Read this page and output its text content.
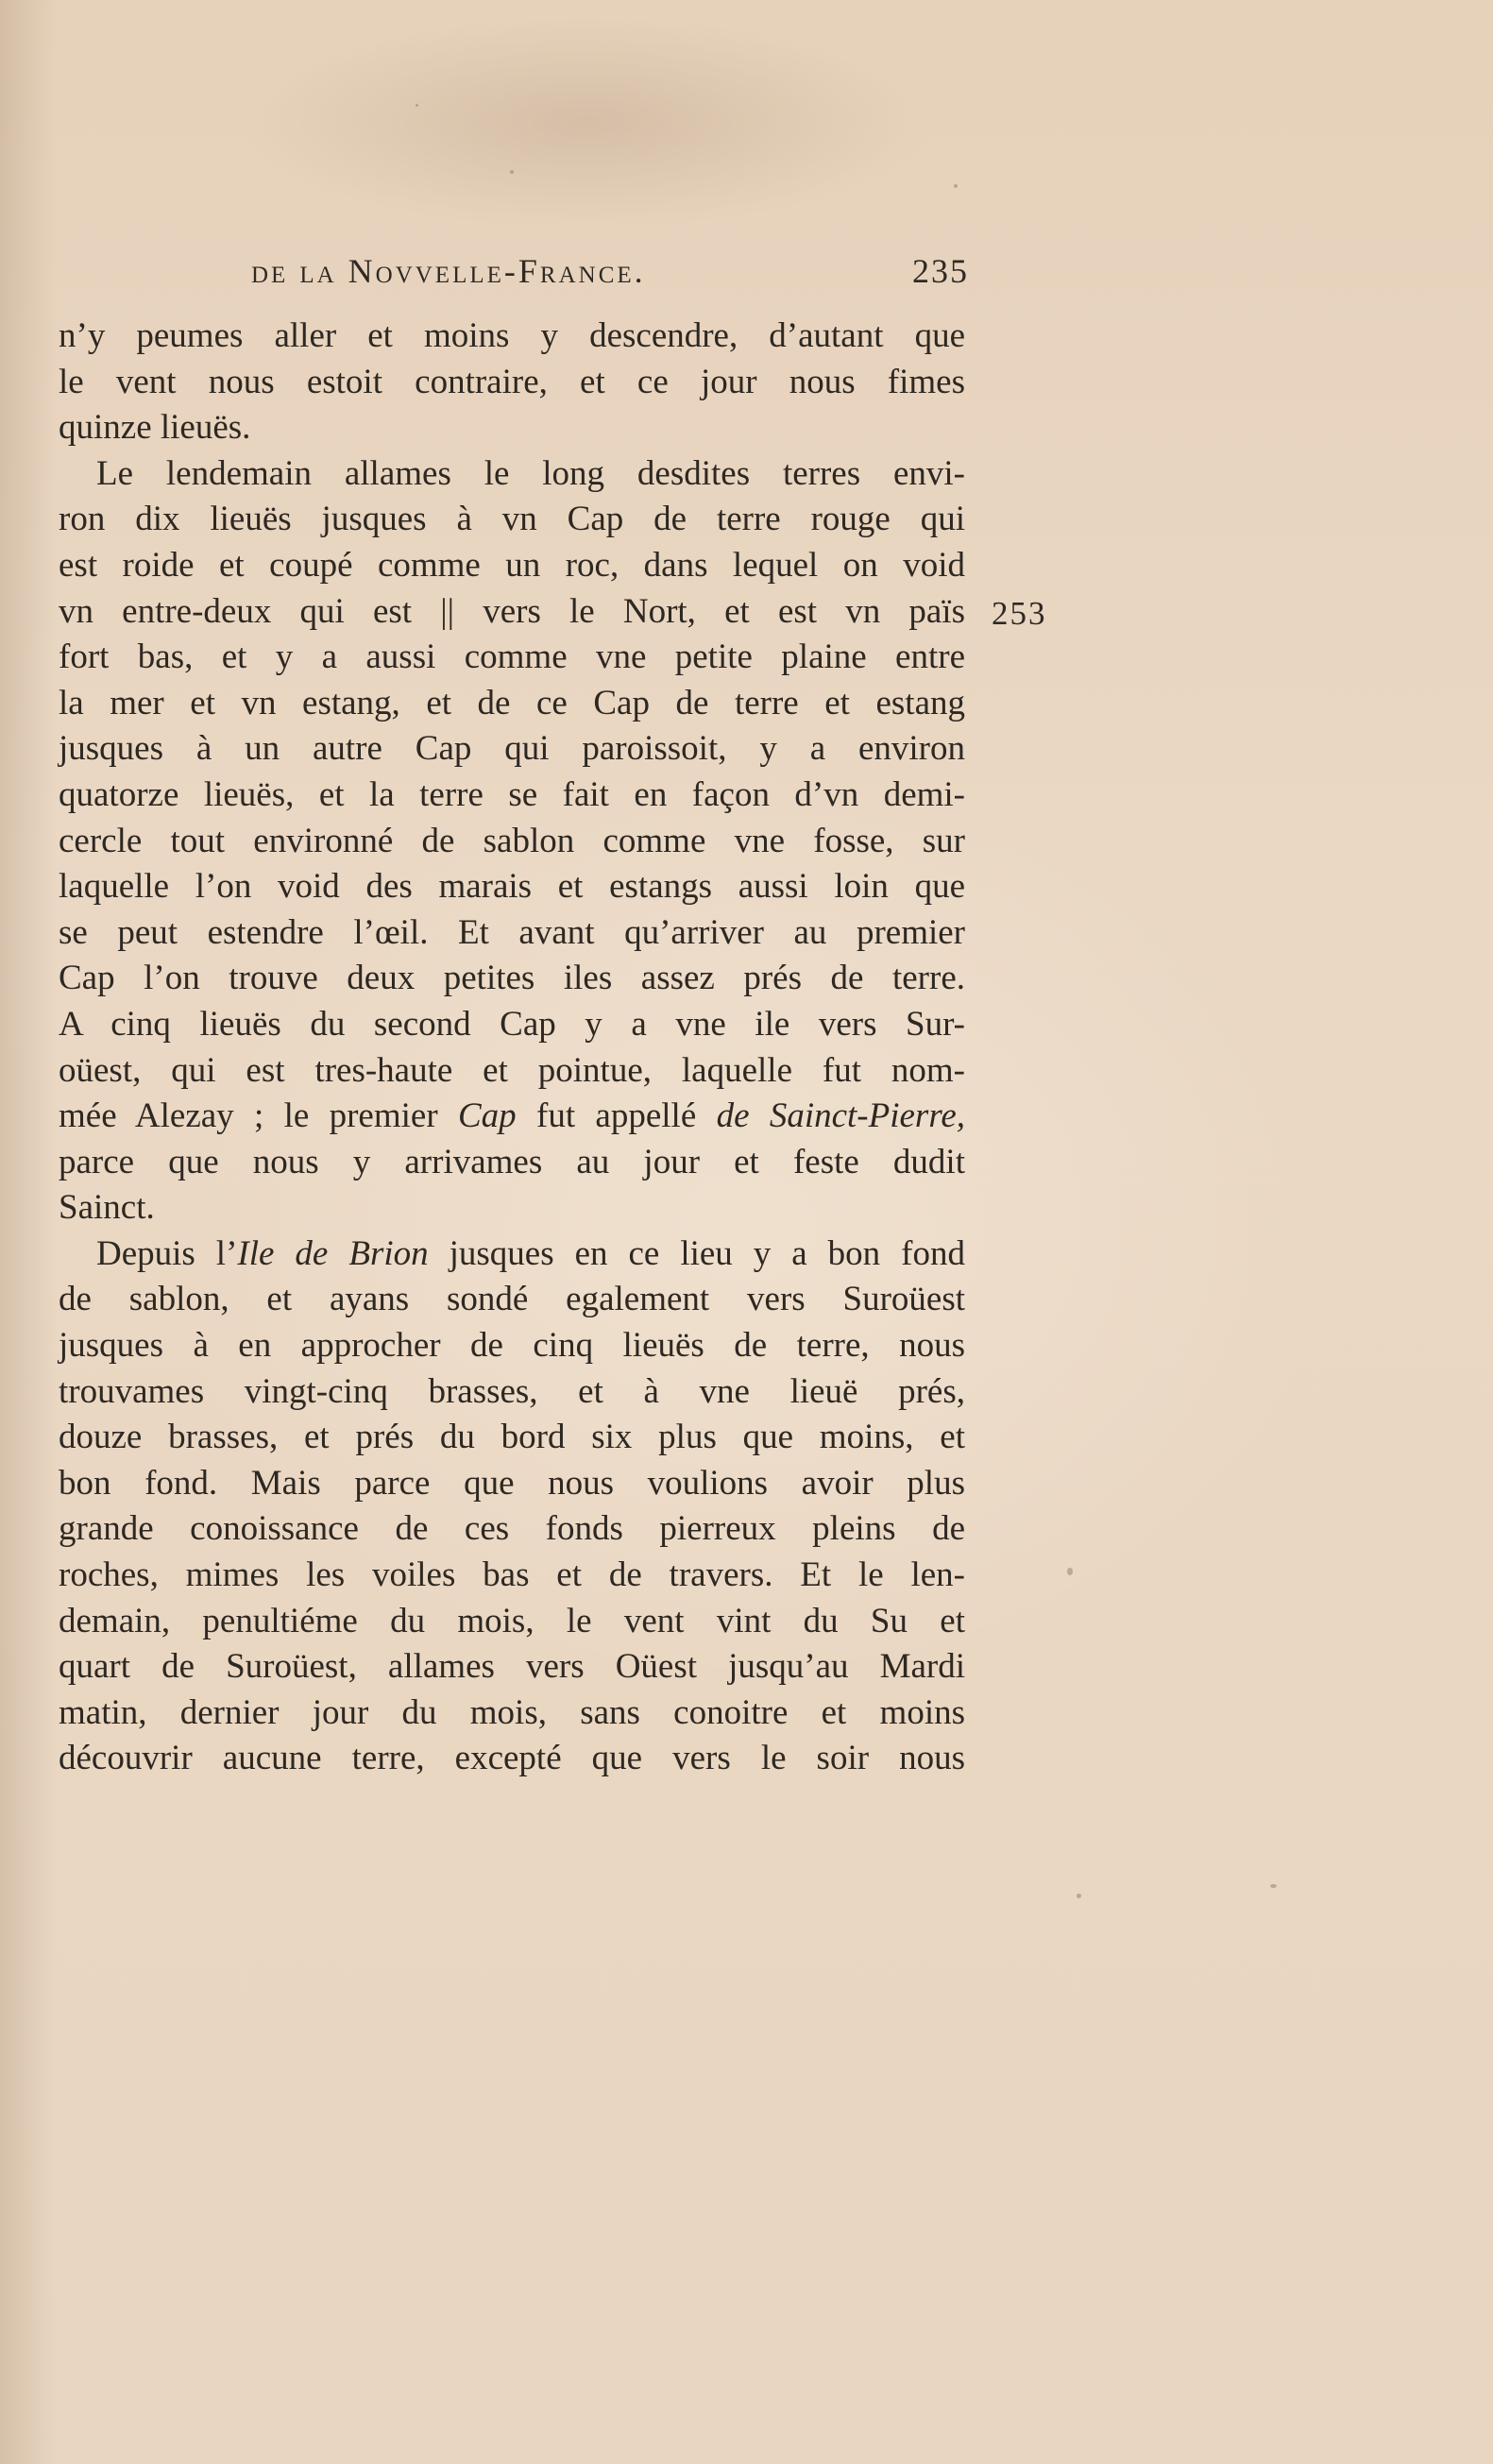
de la Novvelle-France.	235
253
n’y peumes aller et moins y descendre, d’autant que
le vent nous estoit contraire, et ce jour nous fimes
quinze lieuës.
Le lendemain allames le long desdites terres envi-
ron dix lieuës jusques à vn Cap de terre rouge qui
est roide et coupé comme un roc, dans lequel on void
vn entre-deux qui est || vers le Nort, et est vn païs
fort bas, et y a aussi comme vne petite plaine entre
la mer et vn estang, et de ce Cap de terre et estang
jusques à un autre Cap qui paroissoit, y a environ
quatorze lieuës, et la terre se fait en façon d’vn demi-
cercle tout environné de sablon comme vne fosse, sur
laquelle l’on void des marais et estangs aussi loin que
se peut estendre l’œil. Et avant qu’arriver au premier
Cap l’on trouve deux petites iles assez prés de terre.
A cinq lieuës du second Cap y a vne ile vers Sur-
oüest, qui est tres-haute et pointue, laquelle fut nom-
mée Alezay ; le premier Cap fut appellé de Sainct-Pierre,
parce que nous y arrivames au jour et feste dudit
Sainct.
Depuis l’Ile de Brion jusques en ce lieu y a bon fond
de sablon, et ayans sondé egalement vers Suroüest
jusques à en approcher de cinq lieuës de terre, nous
trouvames vingt-cinq brasses, et à vne lieuë prés,
douze brasses, et prés du bord six plus que moins, et
bon fond. Mais parce que nous voulions avoir plus
grande conoissance de ces fonds pierreux pleins de
roches, mimes les voiles bas et de travers. Et le len-
demain, penultiéme du mois, le vent vint du Su et
quart de Suroüest, allames vers Oüest jusqu’au Mardi
matin, dernier jour du mois, sans conoitre et moins
découvrir aucune terre, excepté que vers le soir nous
